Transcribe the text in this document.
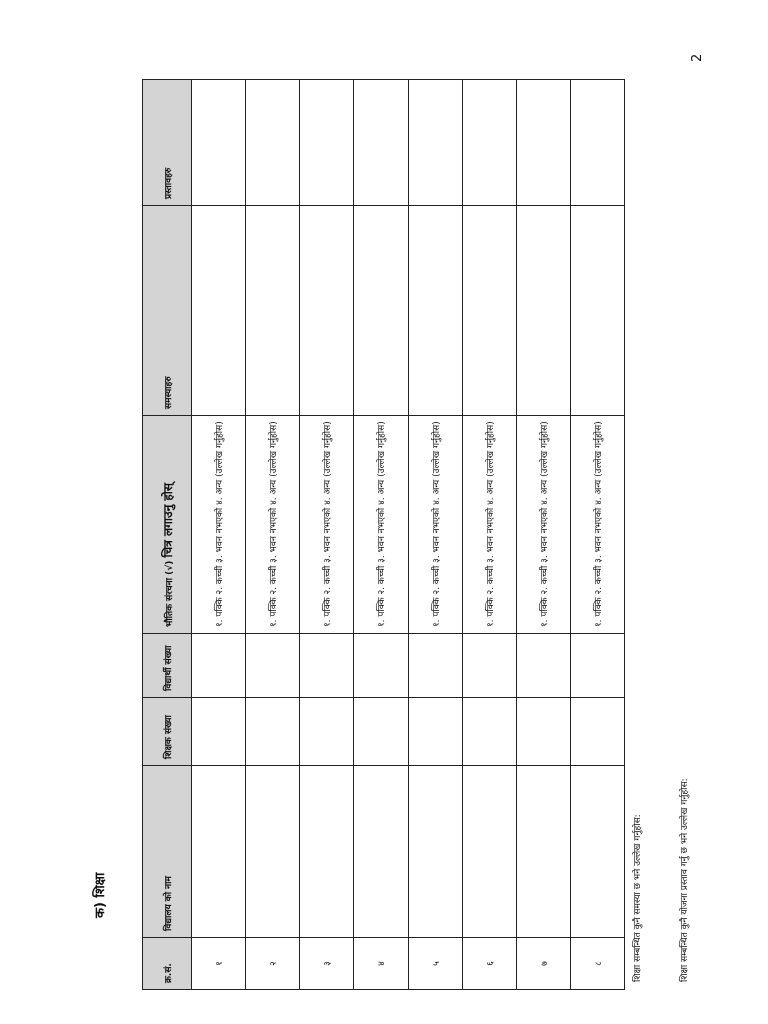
क) शिक्षा
क्र.सं.	विद्यालय को नाम	शिक्षक संख्या	विद्यार्थी संख्या	भौतिक संरचना (√) चित्र लगाउनु होस्	समस्याहरु	प्रस्तावहरु
१				१. पक्कि २. कच्ची ३. भवन नभएको ४. अन्य (उल्लेख गर्नुहोस)		
२				१. पक्कि २. कच्ची ३. भवन नभएको ४. अन्य (उल्लेख गर्नुहोस)		
३				१. पक्कि २. कच्ची ३. भवन नभएको ४. अन्य (उल्लेख गर्नुहोस)		
४				१. पक्कि २. कच्ची ३. भवन नभएको ४. अन्य (उल्लेख गर्नुहोस)		
५				१. पक्कि २. कच्ची ३. भवन नभएको ४. अन्य (उल्लेख गर्नुहोस)		
६				१. पक्कि २. कच्ची ३. भवन नभएको ४. अन्य (उल्लेख गर्नुहोस)		
७				१. पक्कि २. कच्ची ३. भवन नभएको ४. अन्य (उल्लेख गर्नुहोस)		
८				१. पक्कि २. कच्ची ३. भवन नभएको ४. अन्य (उल्लेख गर्नुहोस)		
शिक्षा सम्बन्धित कुनै समस्या छ भने उल्लेख गर्नुहोस:	शिक्षा सम्बन्धित कुनै योजना प्रस्ताव गर्नु छ भने उल्लेख गर्नुहोस:
2
